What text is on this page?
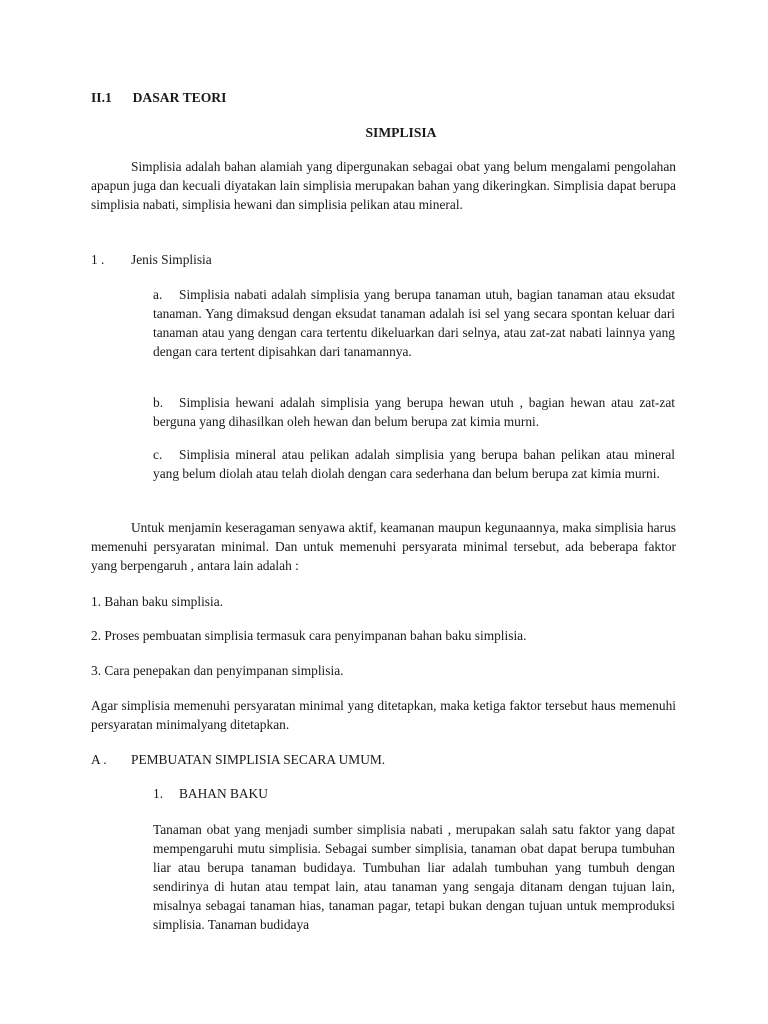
II.1 DASAR TEORI
SIMPLISIA

Simplisia adalah bahan alamiah yang dipergunakan sebagai obat yang belum mengalami pengolahan apapun juga dan kecuali diyatakan lain simplisia merupakan bahan yang dikeringkan. Simplisia dapat berupa simplisia nabati, simplisia hewani dan simplisia pelikan atau mineral.

1 . Jenis Simplisia

a. Simplisia nabati adalah simplisia yang berupa tanaman utuh, bagian tanaman atau eksudat tanaman. Yang dimaksud dengan eksudat tanaman adalah isi sel yang secara spontan keluar dari tanaman atau yang dengan cara tertentu dikeluarkan dari selnya, atau zat-zat nabati lainnya yang dengan cara tertent dipisahkan dari tanamannya.

b. Simplisia hewani adalah simplisia yang berupa hewan utuh , bagian hewan atau zat-zat berguna yang dihasilkan oleh hewan dan belum berupa zat kimia murni.

c. Simplisia mineral atau pelikan adalah simplisia yang berupa bahan pelikan atau mineral yang belum diolah atau telah diolah dengan cara sederhana dan belum berupa zat kimia murni.

Untuk menjamin keseragaman senyawa aktif, keamanan maupun kegunaannya, maka simplisia harus memenuhi persyaratan minimal. Dan untuk memenuhi persyarata minimal tersebut, ada beberapa faktor yang berpengaruh , antara lain adalah :

1. Bahan baku simplisia.
2. Proses pembuatan simplisia termasuk cara penyimpanan bahan baku simplisia.
3. Cara penepakan dan penyimpanan simplisia.

Agar simplisia memenuhi persyaratan minimal yang ditetapkan, maka ketiga faktor tersebut haus memenuhi persyaratan minimalyang ditetapkan.

A . PEMBUATAN SIMPLISIA SECARA UMUM.
1. BAHAN BAKU

Tanaman obat yang menjadi sumber simplisia nabati , merupakan salah satu faktor yang dapat mempengaruhi mutu simplisia. Sebagai sumber simplisia, tanaman obat dapat berupa tumbuhan liar atau berupa tanaman budidaya. Tumbuhan liar adalah tumbuhan yang tumbuh dengan sendirinya di hutan atau tempat lain, atau tanaman yang sengaja ditanam dengan tujuan lain, misalnya sebagai tanaman hias, tanaman pagar, tetapi bukan dengan tujuan untuk memproduksi simplisia. Tanaman budidaya
